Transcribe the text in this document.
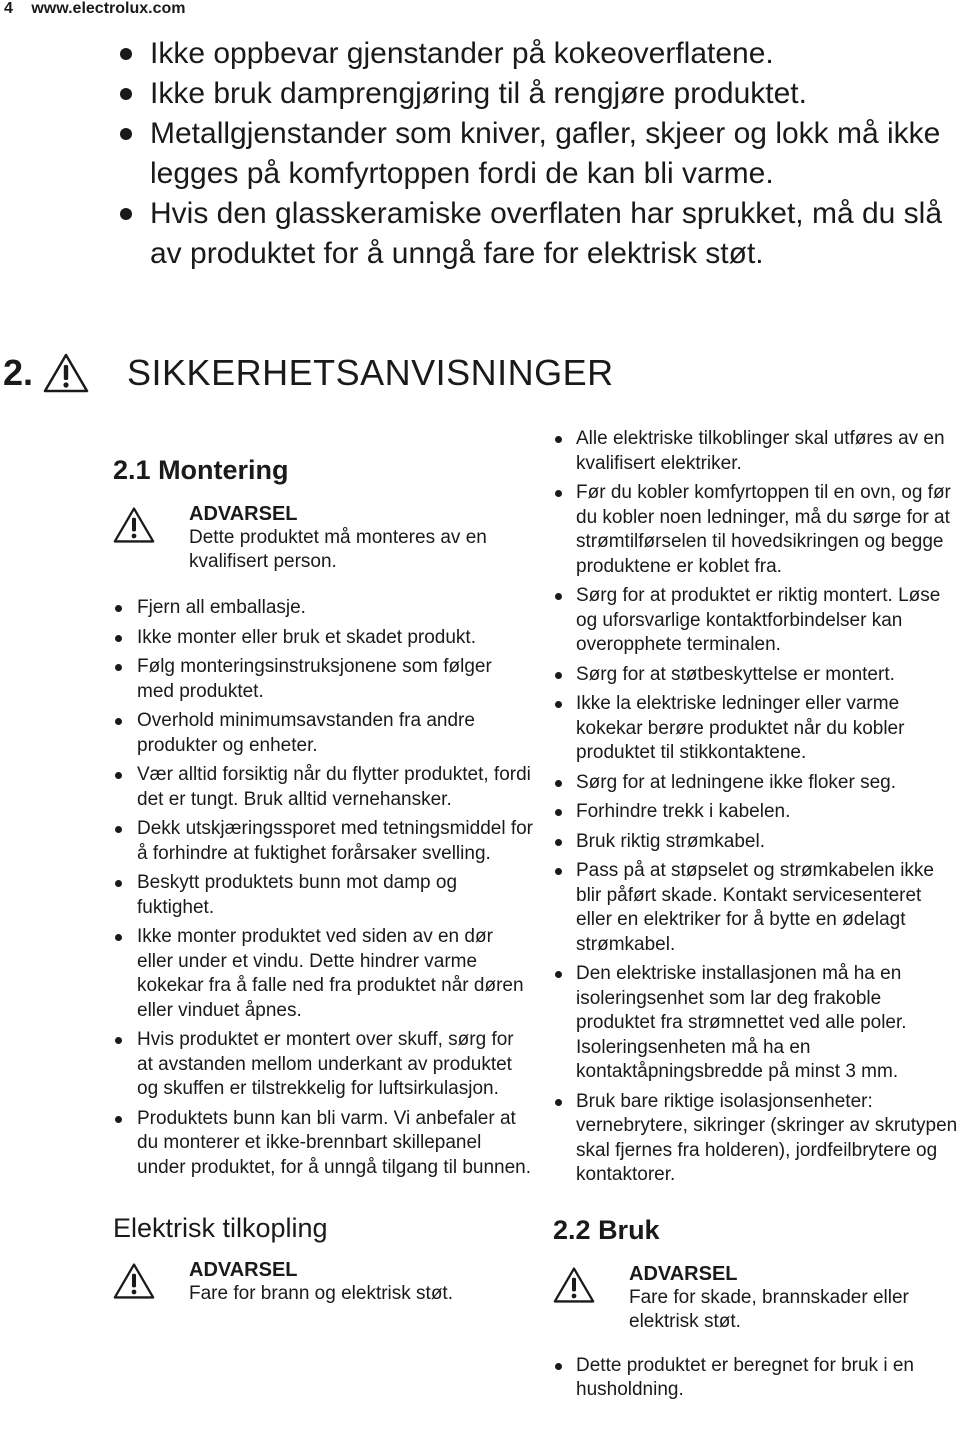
4 www.electrolux.com
Ikke oppbevar gjenstander på kokeoverflatene.
Ikke bruk damprengjøring til å rengjøre produktet.
Metallgjenstander som kniver, gafler, skjeer og lokk må ikke legges på komfyrtoppen fordi de kan bli varme.
Hvis den glasskeramiske overflaten har sprukket, må du slå av produktet for å unngå fare for elektrisk støt.
2.	SIKKERHETSANVISNINGER
2.1 Montering
ADVARSEL
Dette produktet må monteres av en kvalifisert person.
Fjern all emballasje.
Ikke monter eller bruk et skadet produkt.
Følg monteringsinstruksjonene som følger med produktet.
Overhold minimumsavstanden fra andre produkter og enheter.
Vær alltid forsiktig når du flytter produktet, fordi det er tungt. Bruk alltid vernehansker.
Dekk utskjæringssporet med tetningsmiddel for å forhindre at fuktighet forårsaker svelling.
Beskytt produktets bunn mot damp og fuktighet.
Ikke monter produktet ved siden av en dør eller under et vindu. Dette hindrer varme kokekar fra å falle ned fra produktet når døren eller vinduet åpnes.
Hvis produktet er montert over skuff, sørg for at avstanden mellom underkant av produktet og skuffen er tilstrekkelig for luftsirkulasjon.
Produktets bunn kan bli varm. Vi anbefaler at du monterer et ikke-brennbart skillepanel under produktet, for å unngå tilgang til bunnen.
Elektrisk tilkopling
ADVARSEL
Fare for brann og elektrisk støt.
Alle elektriske tilkoblinger skal utføres av en kvalifisert elektriker.
Før du kobler komfyrtoppen til en ovn, og før du kobler noen ledninger, må du sørge for at strømtilførselen til hovedsikringen og begge produktene er koblet fra.
Sørg for at produktet er riktig montert. Løse og uforsvarlige kontaktforbindelser kan overopphete terminalen.
Sørg for at støtbeskyttelse er montert.
Ikke la elektriske ledninger eller varme kokekar berøre produktet når du kobler produktet til stikkontaktene.
Sørg for at ledningene ikke floker seg.
Forhindre trekk i kabelen.
Bruk riktig strømkabel.
Pass på at støpselet og strømkabelen ikke blir påført skade. Kontakt servicesenteret eller en elektriker for å bytte en ødelagt strømkabel.
Den elektriske installasjonen må ha en isoleringsenhet som lar deg frakoble produktet fra strømnettet ved alle poler. Isoleringsenheten må ha en kontaktåpningsbredde på minst 3 mm.
Bruk bare riktige isolasjonsenheter: vernebrytere, sikringer (skringer av skrutypen skal fjernes fra holderen), jordfeilbrytere og kontaktorer.
2.2 Bruk
ADVARSEL
Fare for skade, brannskader eller elektrisk støt.
Dette produktet er beregnet for bruk i en husholdning.
